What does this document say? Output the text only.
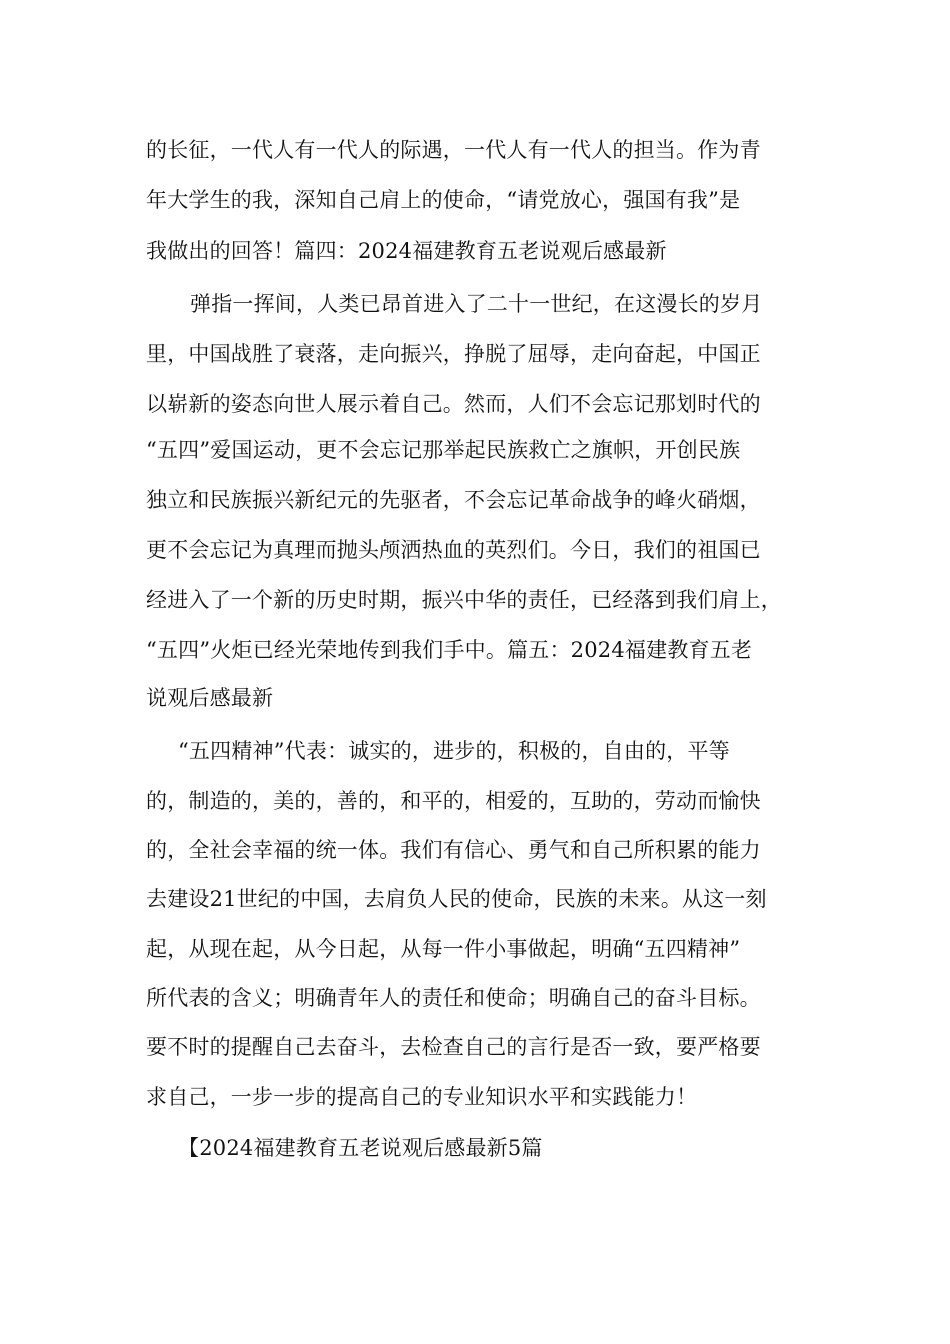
的长征，一代人有一代人的际遇，一代人有一代人的担当。作为青
年大学生的我，深知自己肩上的使命，“请党放心，强国有我”是
我做出的回答！篇四：2024福建教育五老说观后感最新
弹指一挥间，人类已昂首进入了二十一世纪，在这漫长的岁月
里，中国战胜了衰落，走向振兴，挣脱了屈辱，走向奋起，中国正
以崭新的姿态向世人展示着自己。然而，人们不会忘记那划时代的
“五四”爱国运动，更不会忘记那举起民族救亡之旗帜，开创民族
独立和民族振兴新纪元的先驱者，不会忘记革命战争的峰火硝烟，
更不会忘记为真理而抛头颅洒热血的英烈们。今日，我们的祖国已
经进入了一个新的历史时期，振兴中华的责任，已经落到我们肩上，
“五四”火炬已经光荣地传到我们手中。篇五：2024福建教育五老
说观后感最新
“五四精神”代表：诚实的，进步的，积极的，自由的，平等
的，制造的，美的，善的，和平的，相爱的，互助的，劳动而愉快
的，全社会幸福的统一体。我们有信心、勇气和自己所积累的能力
去建设21世纪的中国，去肩负人民的使命，民族的未来。从这一刻
起，从现在起，从今日起，从每一件小事做起，明确“五四精神”
所代表的含义；明确青年人的责任和使命；明确自己的奋斗目标。
要不时的提醒自己去奋斗，去检查自己的言行是否一致，要严格要
求自己，一步一步的提高自己的专业知识水平和实践能力！
【2024福建教育五老说观后感最新5篇
